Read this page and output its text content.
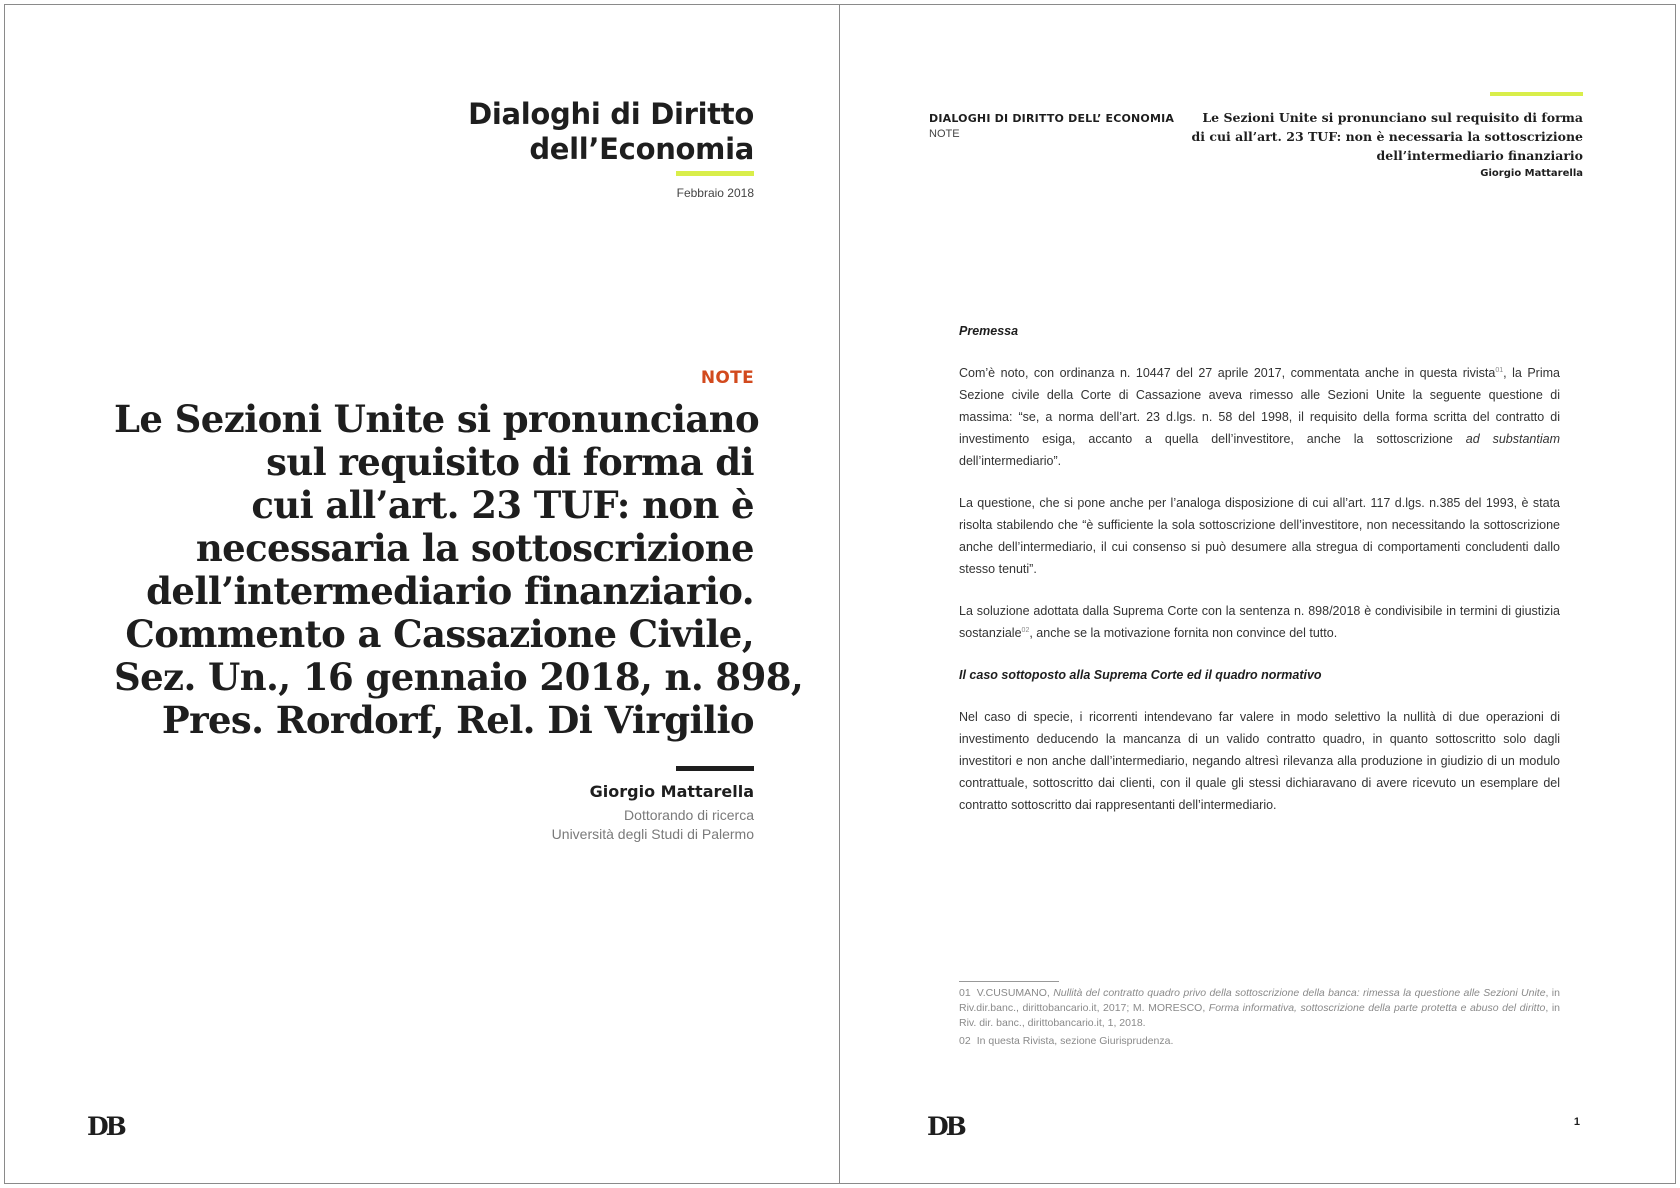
Dialoghi di Diritto
dell’Economia
Febbraio 2018
NOTE
Le Sezioni Unite si pronunciano
sul requisito di forma di
cui all’art. 23 TUF: non è
necessaria la sottoscrizione
dell’intermediario finanziario.
Commento a Cassazione Civile,
Sez. Un., 16 gennaio 2018, n. 898,
Pres. Rordorf, Rel. Di Virgilio
Giorgio Mattarella
Dottorando di ricerca
Università degli Studi di Palermo
DB
DIALOGHI DI DIRITTO DELL’ ECONOMIA
NOTE
Le Sezioni Unite si pronunciano sul requisito di forma
di cui all’art. 23 TUF: non è necessaria la sottoscrizione
dell’intermediario finanziario
Giorgio Mattarella

Premessa

Com’è noto, con ordinanza n. 10447 del 27 aprile 2017, commentata anche in questa rivista$^{01}$, la Prima Sezione civile della Corte di Cassazione aveva rimesso alle Sezioni Unite la seguente questione di massima: “se, a norma dell’art. 23 d.lgs. n. 58 del 1998, il requisito della forma scritta del contratto di investimento esiga, accanto a quella dell’investitore, anche la sottoscrizione ad substantiam dell’intermediario”.

La questione, che si pone anche per l’analoga disposizione di cui all’art. 117 d.lgs. n.385 del 1993, è stata risolta stabilendo che “è sufficiente la sola sottoscrizione dell’investitore, non necessitando la sottoscrizione anche dell’intermediario, il cui consenso si può desumere alla stregua di comportamenti concludenti dallo stesso tenuti”.

La soluzione adottata dalla Suprema Corte con la sentenza n. 898/2018 è condivisibile in termini di giustizia sostanziale$^{02}$, anche se la motivazione fornita non convince del tutto.

Il caso sottoposto alla Suprema Corte ed il quadro normativo

Nel caso di specie, i ricorrenti intendevano far valere in modo selettivo la nullità di due operazioni di investimento deducendo la mancanza di un valido contratto quadro, in quanto sottoscritto solo dagli investitori e non anche dall’intermediario, negando altresì rilevanza alla produzione in giudizio di un modulo contrattuale, sottoscritto dai clienti, con il quale gli stessi dichiaravano di avere ricevuto un esemplare del contratto sottoscritto dai rappresentanti dell’intermediario.

01 V.CUSUMANO, Nullità del contratto quadro privo della sottoscrizione della banca: rimessa la questione alle Sezioni Unite, in Riv.dir.banc., dirittobancario.it, 2017; M. MORESCO, Forma informativa, sottoscrizione della parte protetta e abuso del diritto, in Riv. dir. banc., dirittobancario.it, 1, 2018.

02 In questa Rivista, sezione Giurisprudenza.

DB	1
